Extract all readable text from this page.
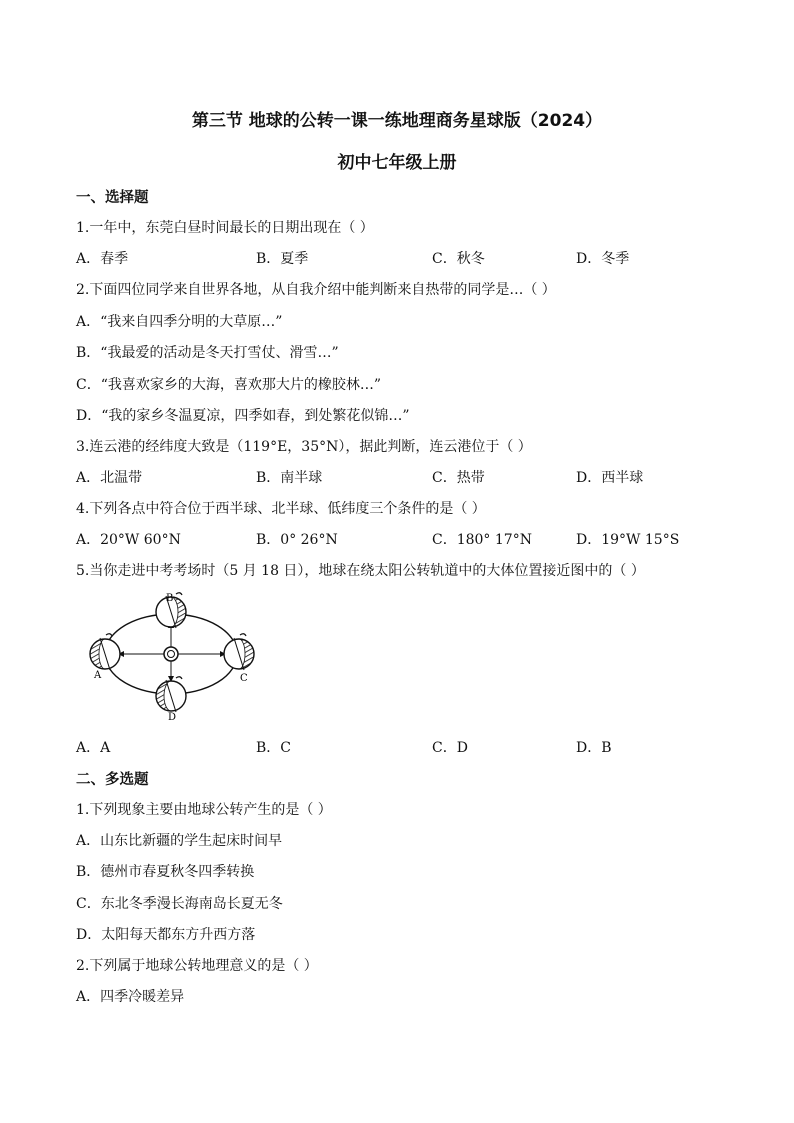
第三节 地球的公转一课一练地理商务星球版（2024）
初中七年级上册
一、选择题
1.一年中，东莞白昼时间最长的日期出现在（ ）
A．春季	B．夏季	C．秋冬	D．冬季
2.下面四位同学来自世界各地，从自我介绍中能判断来自热带的同学是…（ ）
A．“我来自四季分明的大草原…”
B．“我最爱的活动是冬天打雪仗、滑雪…”
C．“我喜欢家乡的大海，喜欢那大片的橡胶林…”
D．“我的家乡冬温夏凉，四季如春，到处繁花似锦…”
3.连云港的经纬度大致是（119°E，35°N），据此判断，连云港位于（ ）
A．北温带	B．南半球	C．热带	D．西半球
4.下列各点中符合位于西半球、北半球、低纬度三个条件的是（ ）
A．20°W 60°N	B．0° 26°N	C．180° 17°N	D．19°W 15°S
5.当你走进中考考场时（5 月 18 日），地球在绕太阳公转轨道中的大体位置接近图中的（ ）
A
B
C
D
A．A	B．C	C．D	D．B
二、多选题
1.下列现象主要由地球公转产生的是（ ）
A．山东比新疆的学生起床时间早
B．德州市春夏秋冬四季转换
C．东北冬季漫长海南岛长夏无冬
D．太阳每天都东方升西方落
2.下列属于地球公转地理意义的是（ ）
A．四季冷暖差异
